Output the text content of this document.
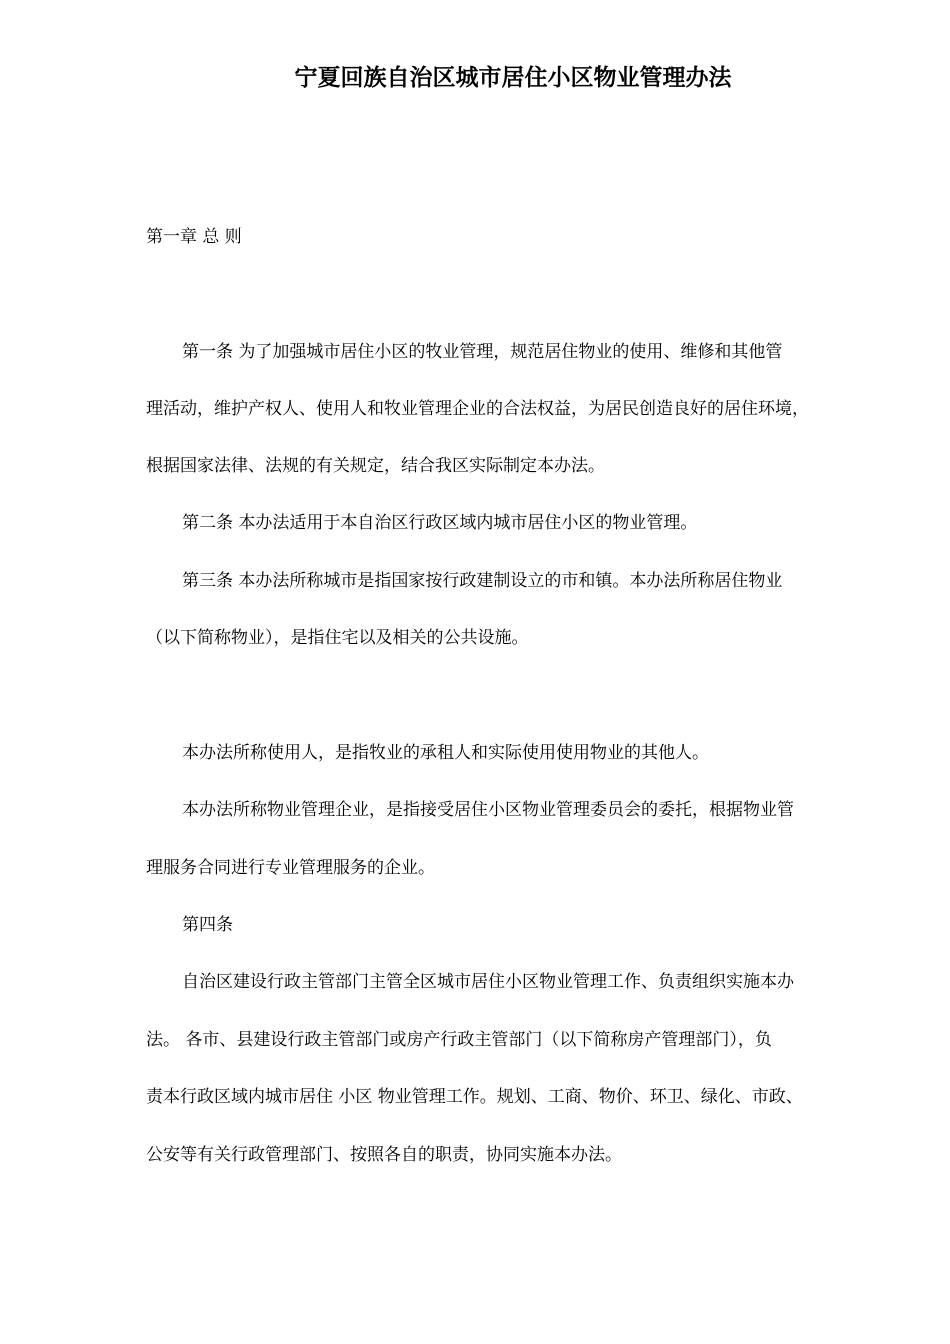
宁夏回族自治区城市居住小区物业管理办法
第一章 总 则
第一条 为了加强城市居住小区的牧业管理，规范居住物业的使用、维修和其他管
理活动，维护产权人、使用人和牧业管理企业的合法权益，为居民创造良好的居住环境，
根据国家法律、法规的有关规定，结合我区实际制定本办法。
第二条 本办法适用于本自治区行政区域内城市居住小区的物业管理。
第三条 本办法所称城市是指国家按行政建制设立的市和镇。本办法所称居住物业
（以下简称物业），是指住宅以及相关的公共设施。
本办法所称使用人，是指牧业的承租人和实际使用使用物业的其他人。
本办法所称物业管理企业，是指接受居住小区物业管理委员会的委托，根据物业管
理服务合同进行专业管理服务的企业。
第四条
自治区建设行政主管部门主管全区城市居住小区物业管理工作、负责组织实施本办
法。 各市、县建设行政主管部门或房产行政主管部门（以下简称房产管理部门），负
责本行政区域内城市居住 小区 物业管理工作。规划、工商、物价、环卫、绿化、市政、
公安等有关行政管理部门、按照各自的职责，协同实施本办法。
